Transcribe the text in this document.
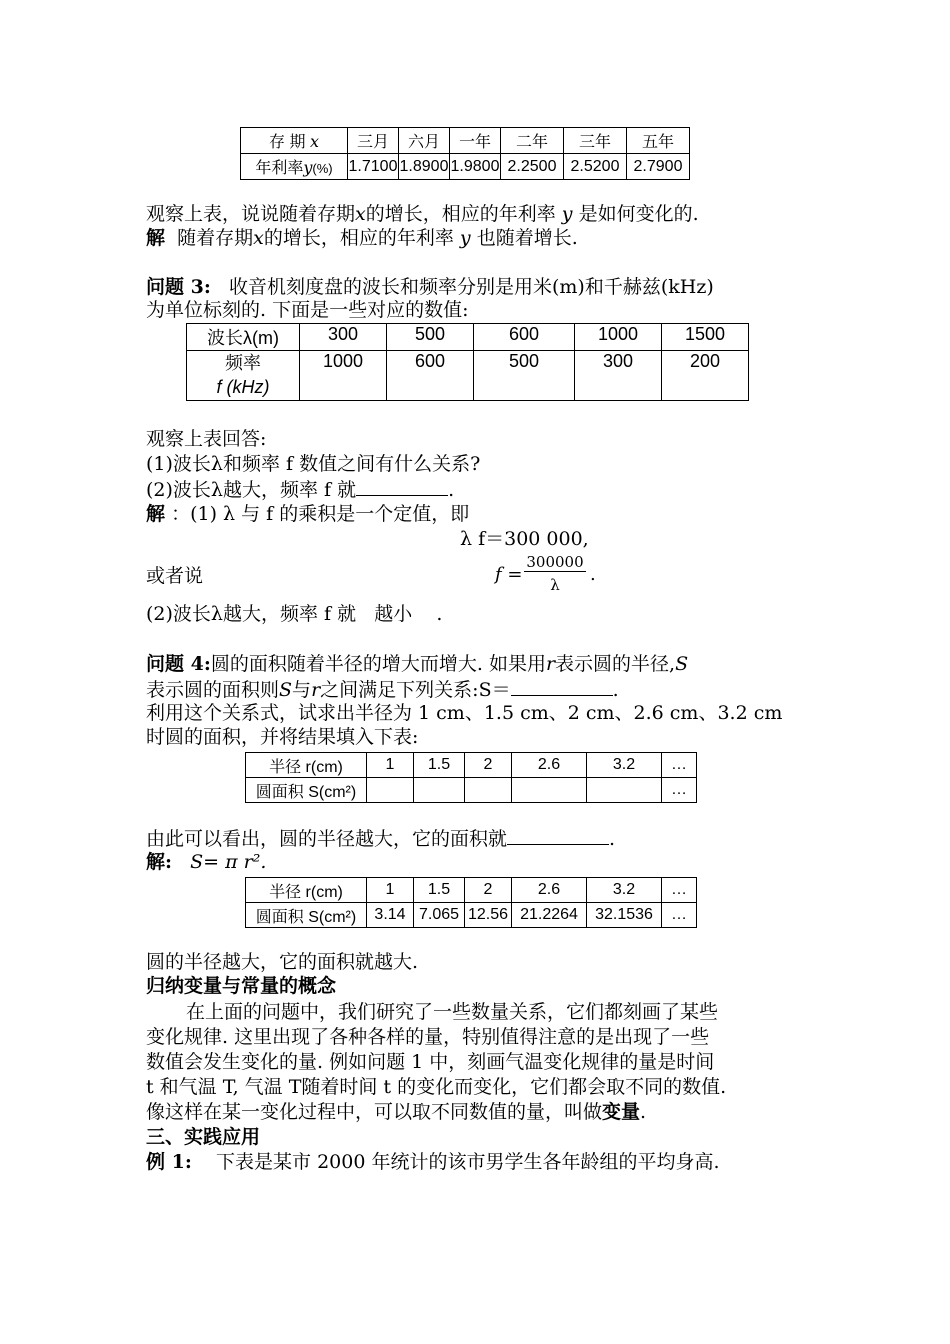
存 期 x	三月	六月	一年	二年	三年	五年
年利率y(%)	1.7100	1.8900	1.9800	2.2500	2.5200	2.7900
观察上表，说说随着存期x的增长，相应的年利率 y 是如何变化的.
解 随着存期x的增长，相应的年利率 y 也随着增长.
问题 3: 收音机刻度盘的波长和频率分别是用米(m)和千赫兹(kHz)
为单位标刻的. 下面是一些对应的数值:
波长λ(m)	300	500	600	1000	1500

频率
f (kHz)	1000	600	500	300	200
观察上表回答:
(1)波长λ和频率 f 数值之间有什么关系?
(2)波长λ越大，频率 f 就	.
解 ：(1) λ 与 f 的乘积是一个定值，即
λ f＝300 000,
或者说	f =
300000
λ	.
(2)波长λ越大，频率 f 就 越小 .
问题 4:圆的面积随着半径的增大而增大. 如果用r表示圆的半径,S
表示圆的面积则S与r之间满足下列关系:S＝	.
利用这个关系式，试求出半径为 1 cm、1.5 cm、2 cm、2.6 cm、3.2 cm
时圆的面积，并将结果填入下表:
半径 r(cm)	1	1.5	2	2.6	3.2	…
圆面积 S(cm²)						…
由此可以看出，圆的半径越大，它的面积就	.
解: S= π r².
半径 r(cm)	1	1.5	2	2.6	3.2	…
圆面积 S(cm²)	3.14	7.065	12.56	21.2264	32.1536	…
圆的半径越大，它的面积就越大.
归纳变量与常量的概念
在上面的问题中，我们研究了一些数量关系，它们都刻画了某些
变化规律. 这里出现了各种各样的量，特别值得注意的是出现了一些
数值会发生变化的量. 例如问题 1 中，刻画气温变化规律的量是时间
t 和气温 T, 气温 T随着时间 t 的变化而变化，它们都会取不同的数值.
像这样在某一变化过程中，可以取不同数值的量，叫做变量.
三、实践应用
例 1: 下表是某市 2000 年统计的该市男学生各年龄组的平均身高.
